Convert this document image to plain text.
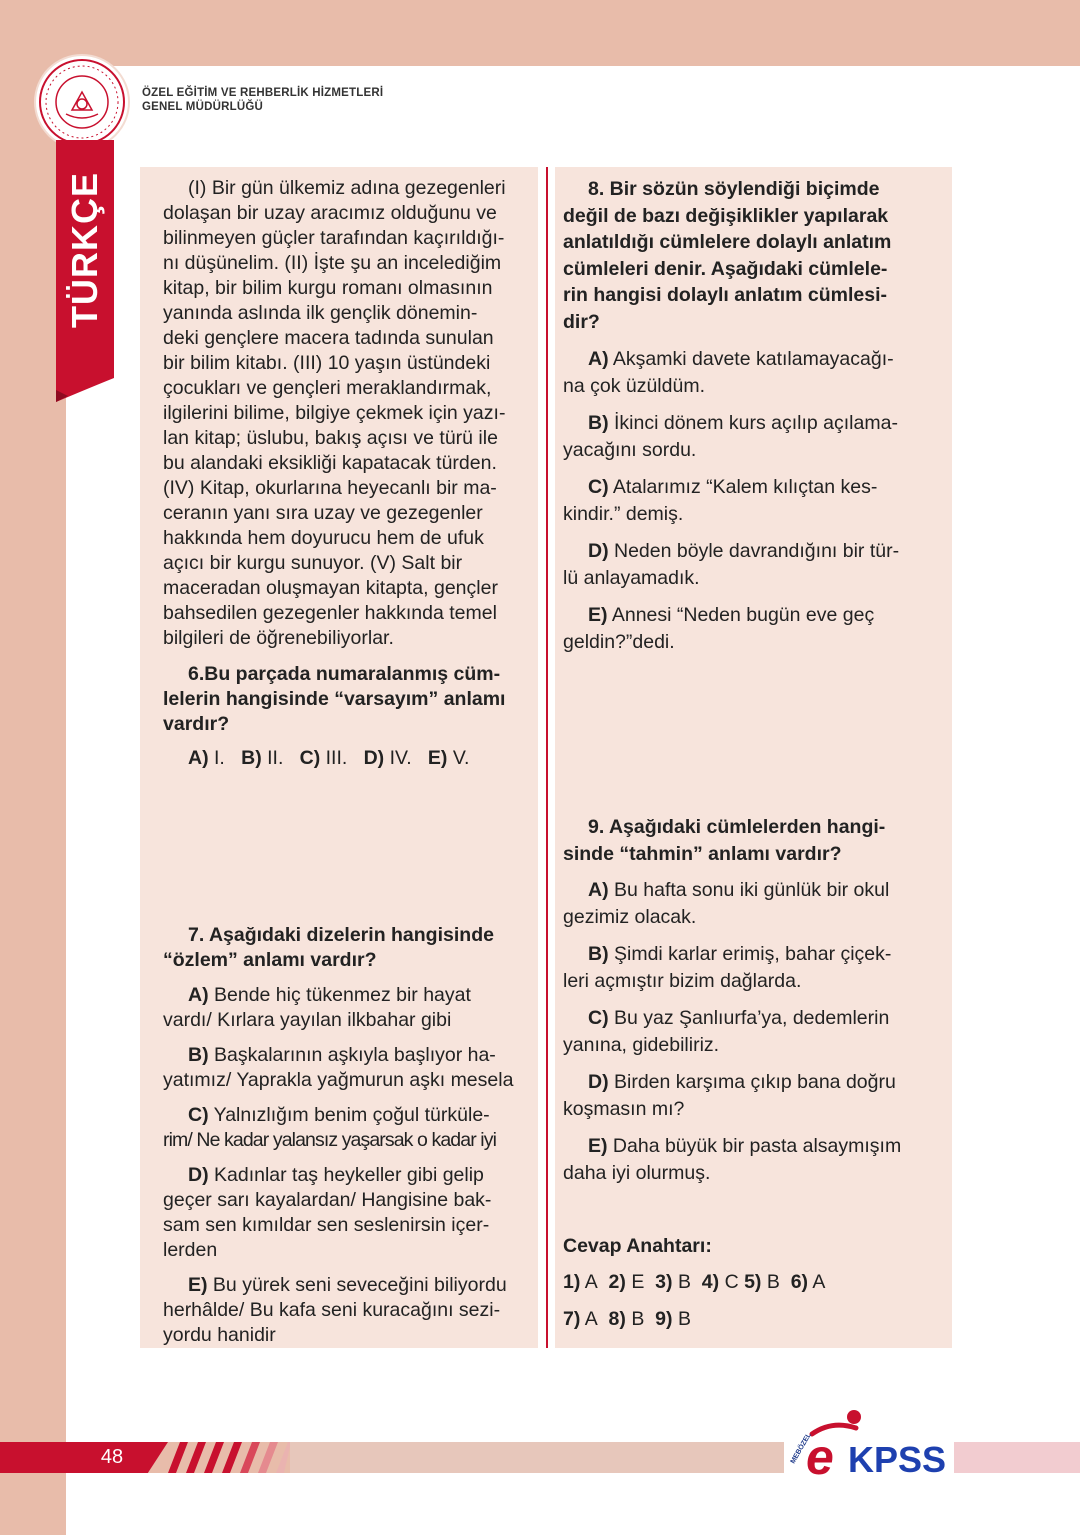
ÖZEL EĞİTİM VE REHBERLİK HİZMETLERİ
GENEL MÜDÜRLÜĞÜ
TÜRKÇE	(I) Bir gün ülkemiz adına gezegenleri
dolaşan bir uzay aracımız olduğunu ve
bilinmeyen güçler tarafından kaçırıldığı-
nı düşünelim. (II) İşte şu an incelediğim
kitap, bir bilim kurgu romanı olmasının
yanında aslında ilk gençlik dönemin-
deki gençlere macera tadında sunulan
bir bilim kitabı. (III) 10 yaşın üstündeki
çocukları ve gençleri meraklandırmak,
ilgilerini bilime, bilgiye çekmek için yazı-
lan kitap; üslubu, bakış açısı ve türü ile
bu alandaki eksikliği kapatacak türden.
(IV) Kitap, okurlarına heyecanlı bir ma-
ceranın yanı sıra uzay ve gezegenler
hakkında hem doyurucu hem de ufuk
açıcı bir kurgu sunuyor. (V) Salt bir
maceradan oluşmayan kitapta, gençler
bahsedilen gezegenler hakkında temel
bilgileri de öğrenebiliyorlar.
6.Bu parçada numaralanmış cüm-
lelerin hangisinde “varsayım” anlamı
vardır?
A) I. B) II. C) III. D) IV. E) V.
7. Aşağıdaki dizelerin hangisinde
“özlem” anlamı vardır?
A) Bende hiç tükenmez bir hayat
vardı/ Kırlara yayılan ilkbahar gibi
B) Başkalarının aşkıyla başlıyor ha-
yatımız/ Yaprakla yağmurun aşkı mesela
C) Yalnızlığım benim çoğul türküle-
rim/ Ne kadar yalansız yaşarsak o kadar iyi
D) Kadınlar taş heykeller gibi gelip
geçer sarı kayalardan/ Hangisine bak-
sam sen kımıldar sen seslenirsin içer-
lerden
E) Bu yürek seni seveceğini biliyordu
herhâlde/ Bu kafa seni kuracağını sezi-
yordu hanidir
8. Bir sözün söylendiği biçimde
değil de bazı değişiklikler yapılarak
anlatıldığı cümlelere dolaylı anlatım
cümleleri denir. Aşağıdaki cümlele-
rin hangisi dolaylı anlatım cümlesi-
dir?
A) Akşamki davete katılamayacağı-
na çok üzüldüm.
B) İkinci dönem kurs açılıp açılama-
yacağını sordu.
C) Atalarımız “Kalem kılıçtan kes-
kindir.” demiş.
D) Neden böyle davrandığını bir tür-
lü anlayamadık.
E) Annesi “Neden bugün eve geç
geldin?”dedi.
9. Aşağıdaki cümlelerden hangi-
sinde “tahmin” anlamı vardır?
A) Bu hafta sonu iki günlük bir okul
gezimiz olacak.
B) Şimdi karlar erimiş, bahar çiçek-
leri açmıştır bizim dağlarda.
C) Bu yaz Şanlıurfa’ya, dedemlerin
yanına, gidebiliriz.
D) Birden karşıma çıkıp bana doğru
koşmasın mı?
E) Daha büyük bir pasta alsaymışım
daha iyi olurmuş.
Cevap Anahtarı:
1) A 2) E 3) B 4) C 5) B 6) A
7) A 8) B 9) B
48	MEBÖZEL
e KPSS
